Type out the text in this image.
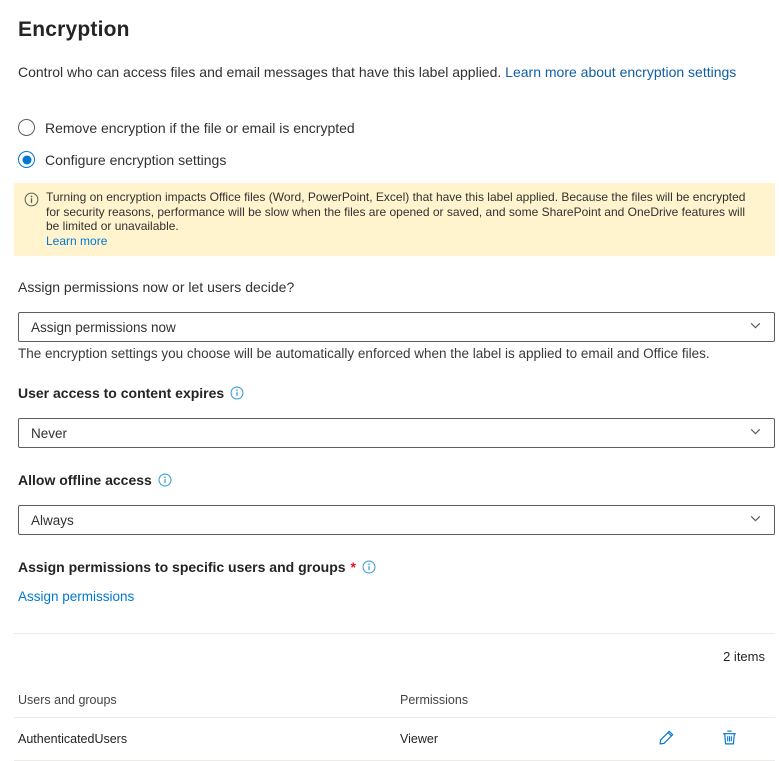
Encryption
Control who can access files and email messages that have this label applied. Learn more about encryption settings
Remove encryption if the file or email is encrypted
Configure encryption settings
Turning on encryption impacts Office files (Word, PowerPoint, Excel) that have this label applied. Because the files will be encrypted for security reasons, performance will be slow when the files are opened or saved, and some SharePoint and OneDrive features will be limited or unavailable.
Learn more
Assign permissions now or let users decide?
Assign permissions now
The encryption settings you choose will be automatically enforced when the label is applied to email and Office files.
User access to content expires
Never
Allow offline access
Always
Assign permissions to specific users and groups *
Assign permissions
2 items
Users and groups	Permissions
AuthenticatedUsers	Viewer
